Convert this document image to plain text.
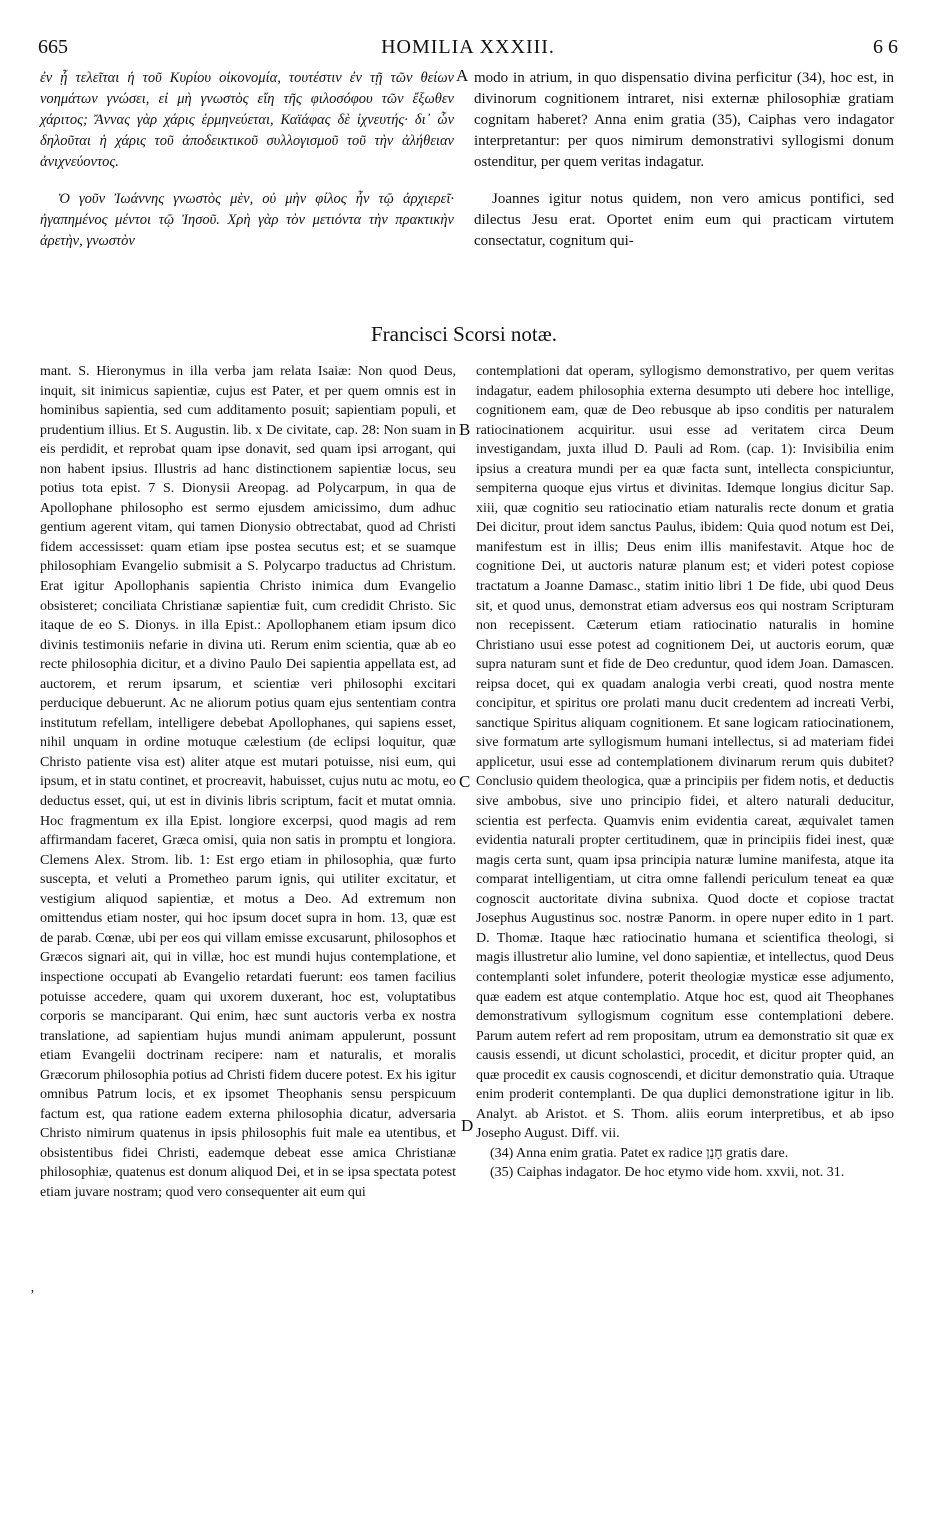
665	HOMILIA XXXIII.	6 6

ἐν ᾗ τελεῖται ἡ τοῦ Κυρίου οἰκονομία, τουτέστιν ἐν τῇ τῶν θείων νοημάτων γνώσει, εἰ μὴ γνωστὸς εἴη τῆς φιλοσόφου τῶν ἔξωθεν χάριτος; Ἄννας γὰρ χάρις ἑρμηνεύεται, Καϊάφας δὲ ἰχνευτής· δι᾽ ὧν δηλοῦται ἡ χάρις τοῦ ἀποδεικτικοῦ συλλογισμοῦ τοῦ τὴν ἀλήθειαν ἀνιχνεύοντος.

Ὁ γοῦν Ἰωάννης γνωστὸς μὲν, οὐ μὴν φίλος ἦν τῷ ἀρχιερεῖ· ἠγαπημένος μέντοι τῷ Ἰησοῦ. Χρὴ γὰρ τὸν μετιόντα τὴν πρακτικὴν ἀρετὴν, γνωστὸν

A modo in atrium, in quo dispensatio divina perficitur (34), hoc est, in divinorum cognitionem intraret, nisi externæ philosophiæ gratiam cognitam haberet? Anna enim gratia (35), Caiphas vero indagator interpretantur: per quos nimirum demonstrativi syllogismi donum ostenditur, per quem veritas indagatur.

Joannes igitur notus quidem, non vero amicus pontifici, sed dilectus Jesu erat. Oportet enim eum qui practicam virtutem consectatur, cognitum qui-

Francisci Scorsi notæ.

mant. S. Hieronymus in illa verba jam relata Isaiæ: Non quod Deus, inquit, sit inimicus sapientiæ, cujus est Pater, et per quem omnis est in hominibus sapientia, sed cum additamento posuit; sapientiam populi, et prudentium illius. Et S. Augustin. lib. x De civitate, cap. 28: Non suam in eis perdidit, et reprobat quam ipse donavit, sed quam ipsi arrogant, qui non habent ipsius. Illustris ad hanc distinctionem sapientiæ locus, seu potius tota epist. 7 S. Dionysii Areopag. ad Polycarpum, in qua de Apollophane philosopho est sermo ejusdem amicissimo, dum adhuc gentium agerent vitam, qui tamen Dionysio obtrectabat, quod ad Christi fidem accessisset: quam etiam ipse postea secutus est; et se suamque philosophiam Evangelio submisit a S. Polycarpo traductus ad Christum. Erat igitur Apollophanis sapientia Christo inimica dum Evangelio obsisteret; conciliata Christianæ sapientiæ fuit, cum credidit Christo. Sic itaque de eo S. Dionys. in illa Epist.: Apollophanem etiam ipsum dico divinis testimoniis nefarie in divina uti. Rerum enim scientia, quæ ab eo recte philosophia dicitur, et a divino Paulo Dei sapientia appellata est, ad auctorem, et rerum ipsarum, et scientiæ veri philosophi excitari perducique debuerunt. Ac ne aliorum potius quam ejus sententiam contra institutum refellam, intelligere debebat Apollophanes, qui sapiens esset, nihil unquam in ordine motuque cælestium (de eclipsi loquitur, quæ Christo patiente visa est) aliter atque est mutari potuisse, nisi eum, qui ipsum, et in statu continet, et procreavit, habuisset, cujus nutu ac motu, eo deductus esset, qui, ut est in divinis libris scriptum, facit et mutat omnia. Hoc fragmentum ex illa Epist. longiore excerpsi, quod magis ad rem affirmandam faceret, Græca omisi, quia non satis in promptu et longiora. Clemens Alex. Strom. lib. 1: Est ergo etiam in philosophia, quæ furto suscepta, et veluti a Prometheo parum ignis, qui utiliter excitatur, et vestigium aliquod sapientiæ, et motus a Deo. Ad extremum non omittendus etiam noster, qui hoc ipsum docet supra in hom. 13, quæ est de parab. Cœnæ, ubi per eos qui villam emisse excusarunt, philosophos et Græcos signari ait, qui in villæ, hoc est mundi hujus contemplatione, et inspectione occupati ab Evangelio retardati fuerunt: eos tamen facilius potuisse accedere, quam qui uxorem duxerant, hoc est, voluptatibus corporis se manciparant. Qui enim, hæc sunt auctoris verba ex nostra translatione, ad sapientiam hujus mundi animam appulerunt, possunt etiam Evangelii doctrinam recipere: nam et naturalis, et moralis Græcorum philosophia potius ad Christi fidem ducere potest. Ex his igitur omnibus Patrum locis, et ex ipsomet Theophanis sensu perspicuum factum est, qua ratione eadem externa philosophia dicatur, adversaria Christo nimirum quatenus in ipsis philosophis fuit male ea utentibus, et obsistentibus fidei Christi, eademque debeat esse amica Christianæ philosophiæ, quatenus est donum aliquod Dei, et in se ipsa spectata potest etiam juvare nostram; quod vero consequenter ait eum qui

B
C
D
ʼ

contemplationi dat operam, syllogismo demonstrativo, per quem veritas indagatur, eadem philosophia externa desumpto uti debere hoc intellige, cognitionem eam, quæ de Deo rebusque ab ipso conditis per naturalem ratiocinationem acquiritur. usui esse ad veritatem circa Deum investigandam, juxta illud D. Pauli ad Rom. (cap. 1): Invisibilia enim ipsius a creatura mundi per ea quæ facta sunt, intellecta conspiciuntur, sempiterna quoque ejus virtus et divinitas. Idemque longius dicitur Sap. xiii, quæ cognitio seu ratiocinatio etiam naturalis recte donum et gratia Dei dicitur, prout idem sanctus Paulus, ibidem: Quia quod notum est Dei, manifestum est in illis; Deus enim illis manifestavit. Atque hoc de cognitione Dei, ut auctoris naturæ planum est; et videri potest copiose tractatum a Joanne Damasc., statim initio libri 1 De fide, ubi quod Deus sit, et quod unus, demonstrat etiam adversus eos qui nostram Scripturam non recepissent. Cæterum etiam ratiocinatio naturalis in homine Christiano usui esse potest ad cognitionem Dei, ut auctoris eorum, quæ supra naturam sunt et fide de Deo creduntur, quod idem Joan. Damascen. reipsa docet, qui ex quadam analogia verbi creati, quod nostra mente concipitur, et spiritus ore prolati manu ducit credentem ad increati Verbi, sanctique Spiritus aliquam cognitionem. Et sane logicam ratiocinationem, sive formatum arte syllogismum humani intellectus, si ad materiam fidei applicetur, usui esse ad contemplationem divinarum rerum quis dubitet? Conclusio quidem theologica, quæ a principiis per fidem notis, et deductis sive ambobus, sive uno principio fidei, et altero naturali deducitur, scientia est perfecta. Quamvis enim evidentia careat, æquivalet tamen evidentia naturali propter certitudinem, quæ in principiis fidei inest, quæ magis certa sunt, quam ipsa principia naturæ lumine manifesta, atque ita comparat intelligentiam, ut citra omne fallendi periculum teneat ea quæ cognoscit auctoritate divina subnixa. Quod docte et copiose tractat Josephus Augustinus soc. nostræ Panorm. in opere nuper edito in 1 part. D. Thomæ. Itaque hæc ratiocinatio humana et scientifica theologi, si magis illustretur alio lumine, vel dono sapientiæ, et intellectus, quod Deus contemplanti solet infundere, poterit theologiæ mysticæ esse adjumento, quæ eadem est atque contemplatio. Atque hoc est, quod ait Theophanes demonstrativum syllogismum cognitum esse contemplationi debere. Parum autem refert ad rem propositam, utrum ea demonstratio sit quæ ex causis essendi, ut dicunt scholastici, procedit, et dicitur propter quid, an quæ procedit ex causis cognoscendi, et dicitur demonstratio quia. Utraque enim proderit contemplanti. De qua duplici demonstratione igitur in lib. Analyt. ab Aristot. et S. Thom. aliis eorum interpretibus, et ab ipso Josepho August. Diff. vii.

(34) Anna enim gratia. Patet ex radice חָנַן gratis dare.

(35) Caiphas indagator. De hoc etymo vide hom. xxvii, not. 31.
